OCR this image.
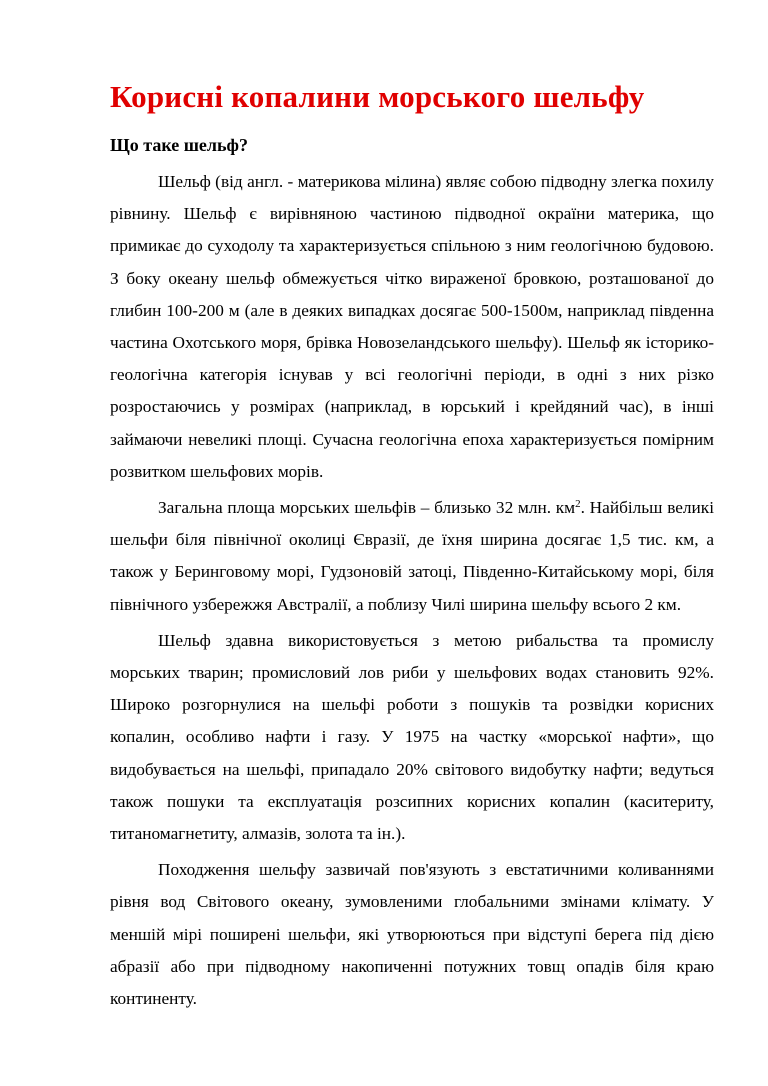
Корисні копалини морського шельфу
Що таке шельф?

Шельф (від англ. - материкова мілина) являє собою підводну злегка похилу рівнину. Шельф є вирівняною частиною підводної окраїни материка, що примикає до суходолу та характеризується спільною з ним геологічною будовою. З боку океану шельф обмежується чітко вираженої бровкою, розташованої до глибин 100-200 м (але в деяких випадках досягає 500-1500м, наприклад південна частина Охотського моря, брівка Новозеландського шельфу). Шельф як історико-геологічна категорія існував у всі геологічні періоди, в одні з них різко розростаючись у розмірах (наприклад, в юрський і крейдяний час), в інші займаючи невеликі площі. Сучасна геологічна епоха характеризується помірним розвитком шельфових морів.

Загальна площа морських шельфів – близько 32 млн. $км^2$. Найбільш великі шельфи біля північної околиці Євразії, де їхня ширина досягає 1,5 тис. км, а також у Беринговому морі, Гудзоновій затоці, Південно-Китайському морі, біля північного узбережжя Австралії, а поблизу Чилі ширина шельфу всього 2 км.

Шельф здавна використовується з метою рибальства та промислу морських тварин; промисловий лов риби у шельфових водах становить 92%. Широко розгорнулися на шельфі роботи з пошуків та розвідки корисних копалин, особливо нафти і газу. У 1975 на частку «морської нафти», що видобувається на шельфі, припадало 20% світового видобутку нафти; ведуться також пошуки та експлуатація розсипних корисних копалин (каситериту, титаномагнетиту, алмазів, золота та ін.).

Походження шельфу зазвичай пов'язують з евстатичними коливаннями рівня вод Світового океану, зумовленими глобальними змінами клімату. У меншій мірі поширені шельфи, які утворюються при відступі берега під дією абразії або при підводному накопиченні потужних товщ опадів біля краю континенту.
